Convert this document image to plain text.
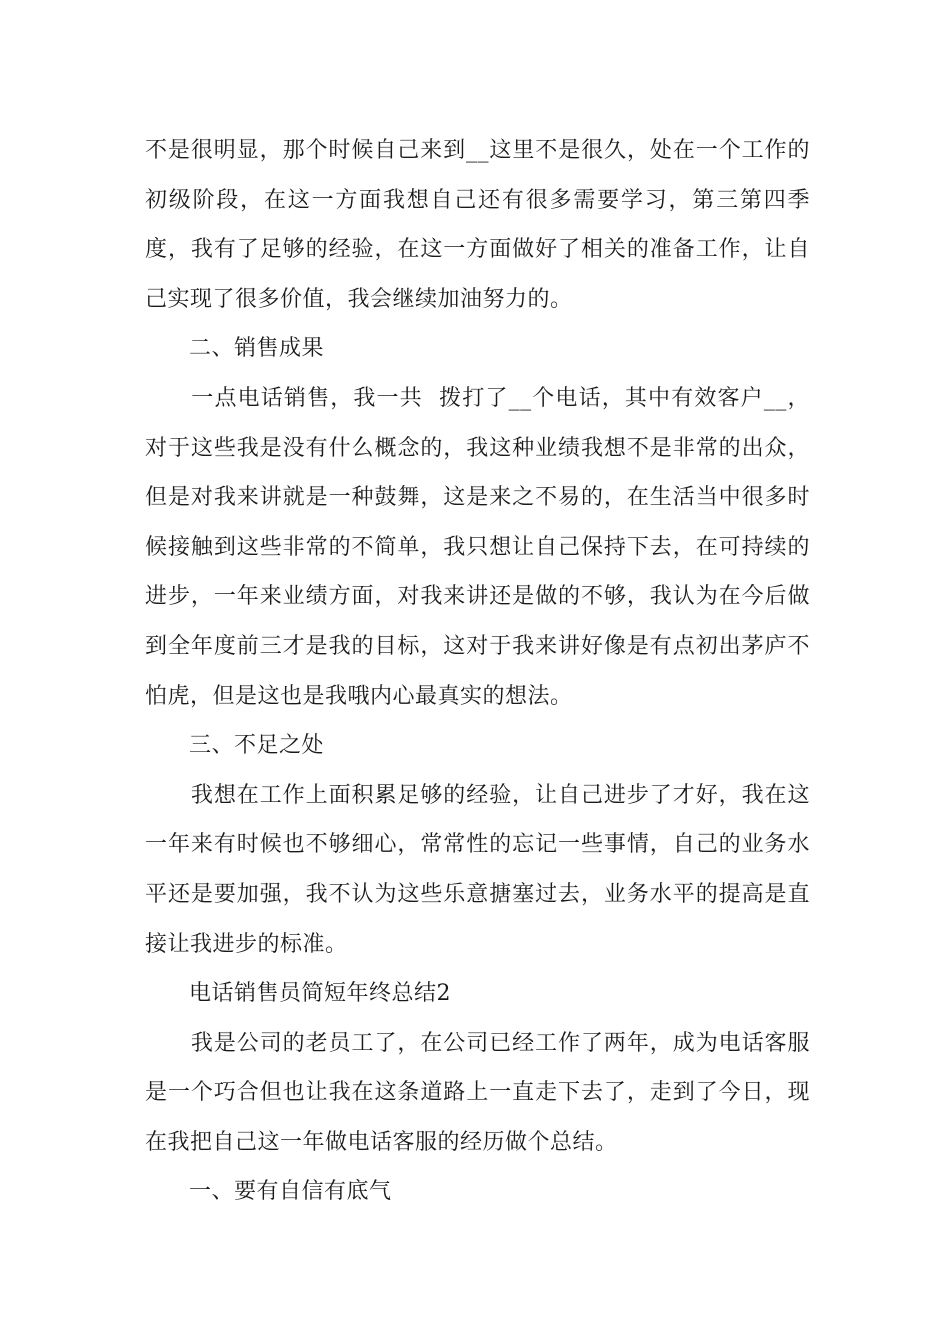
不是很明显，那个时候自己来到__这里不是很久，处在一个工作的初级阶段，在这一方面我想自己还有很多需要学习，第三第四季度，我有了足够的经验，在这一方面做好了相关的准备工作，让自己实现了很多价值，我会继续加油努力的。

二、销售成果

　　一点电话销售，我一共  拨打了__个电话，其中有效客户__，对于这些我是没有什么概念的，我这种业绩我想不是非常的出众，但是对我来讲就是一种鼓舞，这是来之不易的，在生活当中很多时候接触到这些非常的不简单，我只想让自己保持下去，在可持续的进步，一年来业绩方面，对我来讲还是做的不够，我认为在今后做到全年度前三才是我的目标，这对于我来讲好像是有点初出茅庐不怕虎，但是这也是我哦内心最真实的想法。

三、不足之处

　　我想在工作上面积累足够的经验，让自己进步了才好，我在这一年来有时候也不够细心，常常性的忘记一些事情，自己的业务水平还是要加强，我不认为这些乐意搪塞过去，业务水平的提高是直接让我进步的标准。

电话销售员简短年终总结2

　　我是公司的老员工了，在公司已经工作了两年，成为电话客服是一个巧合但也让我在这条道路上一直走下去了，走到了今日，现在我把自己这一年做电话客服的经历做个总结。

一、要有自信有底气
